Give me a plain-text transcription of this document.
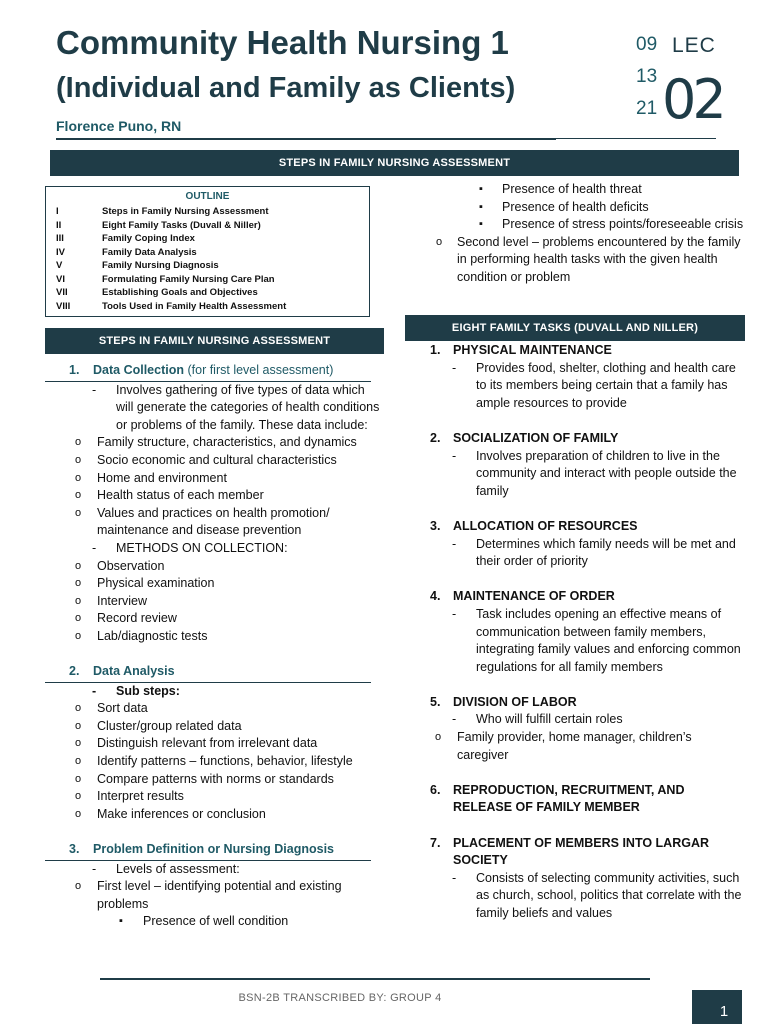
Community Health Nursing 1
(Individual and Family as Clients)
Florence Puno, RN
09
13
21
LEC
02
STEPS IN FAMILY NURSING ASSESSMENT
OUTLINE
I	Steps in Family Nursing Assessment
II	Eight Family Tasks (Duvall & Niller)
III	Family Coping Index
IV	Family Data Analysis
V	Family Nursing Diagnosis
VI	Formulating Family Nursing Care Plan
VII	Establishing Goals and Objectives
VIII	Tools Used in Family Health Assessment
STEPS IN FAMILY NURSING ASSESSMENT
EIGHT FAMILY TASKS (DUVALL AND NILLER)
1.	Data Collection (for first level assessment)
- Involves gathering of five types of data which will generate the categories of health conditions or problems of the family. These data include:
o Family structure, characteristics, and dynamics
o Socio economic and cultural characteristics
o Home and environment
o Health status of each member
o Values and practices on health promotion/ maintenance and disease prevention
- METHODS ON COLLECTION:
o Observation
o Physical examination
o Interview
o Record review
o Lab/diagnostic tests
2.	Data Analysis
- Sub steps:
o Sort data
o Cluster/group related data
o Distinguish relevant from irrelevant data
o Identify patterns – functions, behavior, lifestyle
o Compare patterns with norms or standards
o Interpret results
o Make inferences or conclusion
3.	Problem Definition or Nursing Diagnosis
- Levels of assessment:
o First level – identifying potential and existing problems
▪ Presence of well condition
▪ Presence of health threat
▪ Presence of health deficits
▪ Presence of stress points/foreseeable crisis
o Second level – problems encountered by the family in performing health tasks with the given health condition or problem
1. PHYSICAL MAINTENANCE
- Provides food, shelter, clothing and health care to its members being certain that a family has ample resources to provide
2. SOCIALIZATION OF FAMILY
- Involves preparation of children to live in the community and interact with people outside the family
3. ALLOCATION OF RESOURCES
- Determines which family needs will be met and their order of priority
4. MAINTENANCE OF ORDER
- Task includes opening an effective means of communication between family members, integrating family values and enforcing common regulations for all family members
5. DIVISION OF LABOR
- Who will fulfill certain roles
o Family provider, home manager, children’s caregiver
6. REPRODUCTION, RECRUITMENT, AND RELEASE OF FAMILY MEMBER
7. PLACEMENT OF MEMBERS INTO LARGAR SOCIETY
- Consists of selecting community activities, such as church, school, politics that correlate with the family beliefs and values
BSN-2B TRANSCRIBED BY: GROUP 4
1
